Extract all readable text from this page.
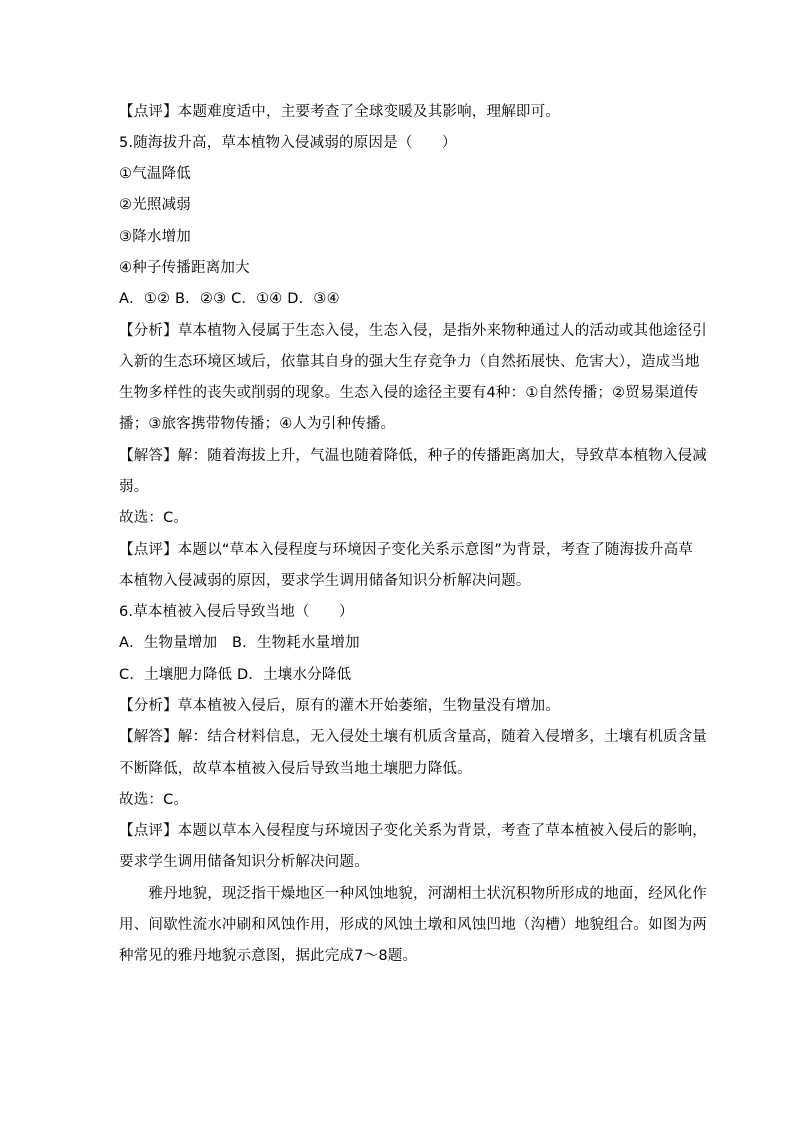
【点评】本题难度适中，主要考查了全球变暖及其影响，理解即可。
5.随海拔升高，草本植物入侵减弱的原因是（　　）
①气温降低
②光照减弱
③降水增加
④种子传播距离加大
A．①② B．②③ C．①④ D．③④
【分析】草本植物入侵属于生态入侵，生态入侵，是指外来物种通过人的活动或其他途径引
入新的生态环境区域后，依靠其自身的强大生存竞争力（自然拓展快、危害大），造成当地
生物多样性的丧失或削弱的现象。生态入侵的途径主要有4种：①自然传播；②贸易渠道传
播；③旅客携带物传播；④人为引种传播。
【解答】解：随着海拔上升，气温也随着降低，种子的传播距离加大，导致草本植物入侵减
弱。
故选：C。
【点评】本题以“草本入侵程度与环境因子变化关系示意图”为背景，考查了随海拔升高草
本植物入侵减弱的原因，要求学生调用储备知识分析解决问题。
6.草本植被入侵后导致当地（　　）
A．生物量增加　B．生物耗水量增加
C．土壤肥力降低 D．土壤水分降低
【分析】草本植被入侵后，原有的灌木开始萎缩，生物量没有增加。
【解答】解：结合材料信息，无入侵处土壤有机质含量高，随着入侵增多，土壤有机质含量
不断降低，故草本植被入侵后导致当地土壤肥力降低。
故选：C。
【点评】本题以草本入侵程度与环境因子变化关系为背景，考查了草本植被入侵后的影响，
要求学生调用储备知识分析解决问题。
　　雅丹地貌，现泛指干燥地区一种风蚀地貌，河湖相土状沉积物所形成的地面，经风化作
用、间歇性流水冲刷和风蚀作用，形成的风蚀土墩和风蚀凹地（沟槽）地貌组合。如图为两
种常见的雅丹地貌示意图，据此完成7～8题。
